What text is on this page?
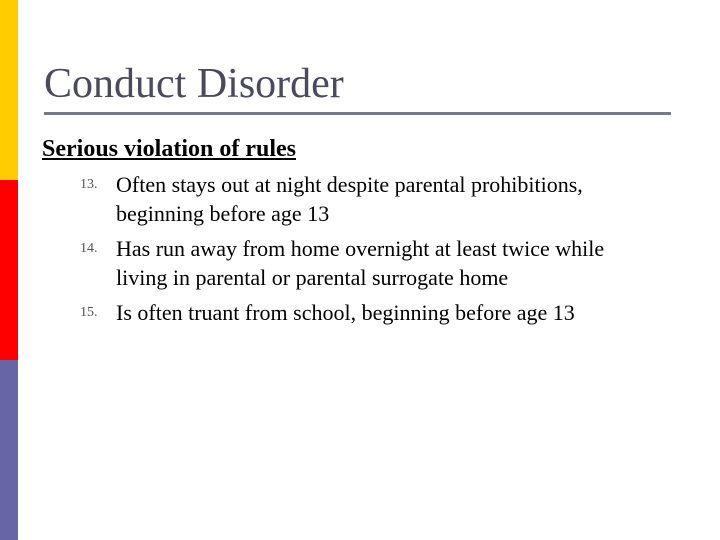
Conduct Disorder
Serious violation of rules
13. Often stays out at night despite parental prohibitions, beginning before age 13
14. Has run away from home overnight at least twice while living in parental or parental surrogate home
15. Is often truant from school, beginning before age 13
